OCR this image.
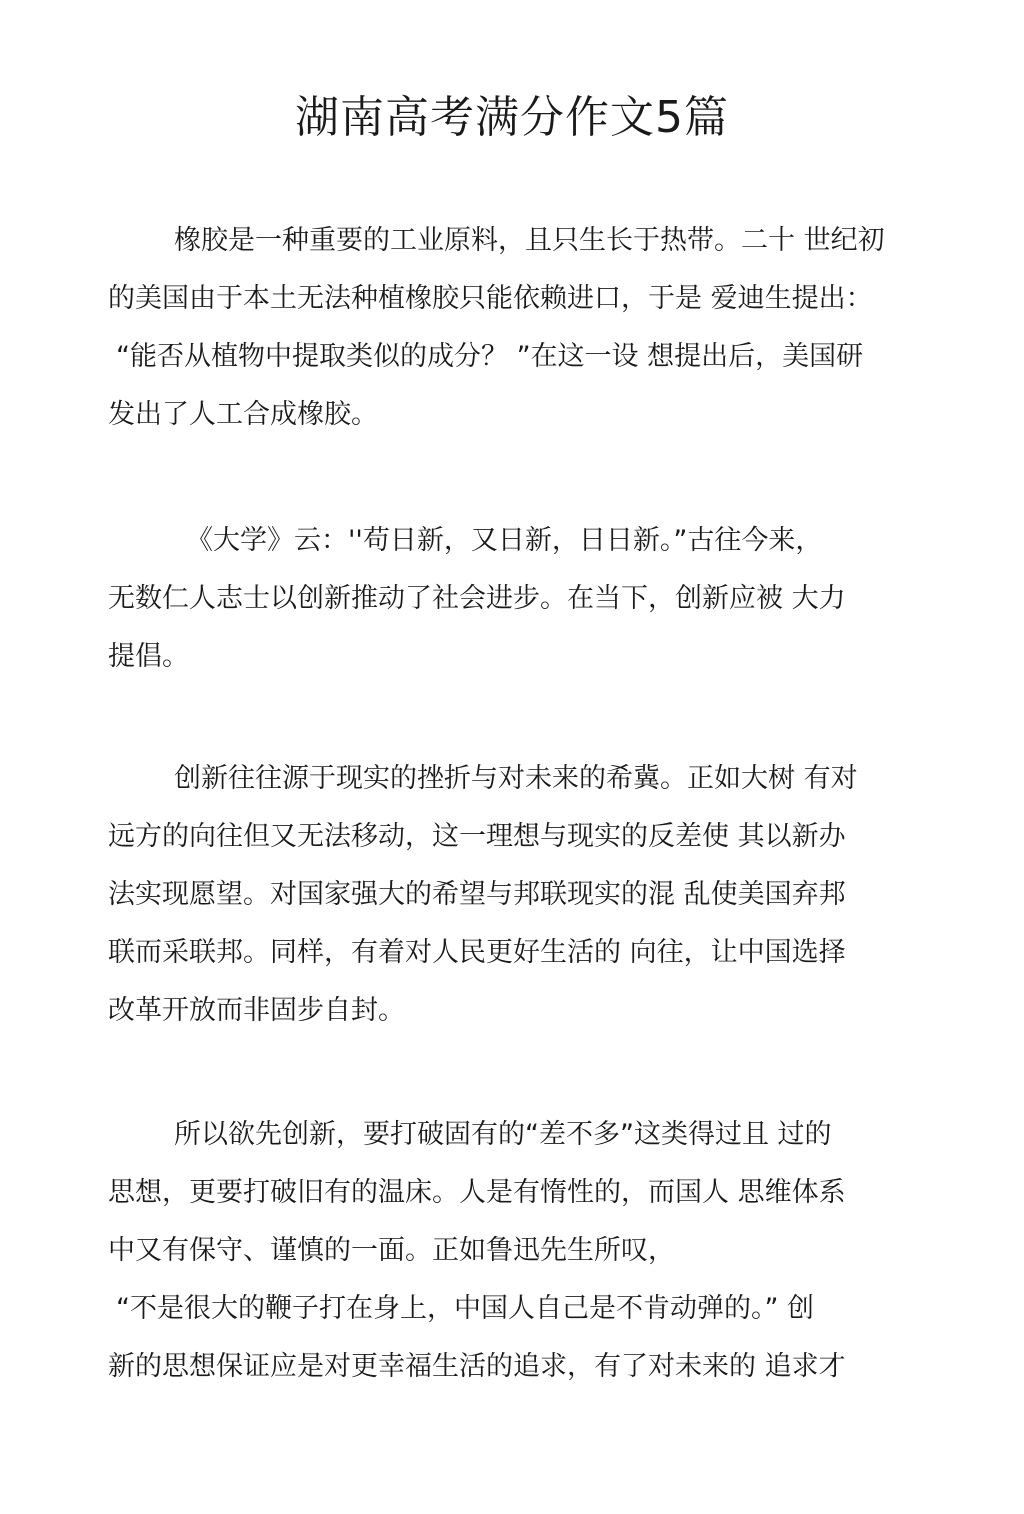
湖南高考满分作文5篇
橡胶是一种重要的工业原料，且只生长于热带。二十 世纪初
的美国由于本土无法种植橡胶只能依赖进口，于是 爱迪生提出：
“能否从植物中提取类似的成分？ ”在这一设 想提出后，美国研
发出了人工合成橡胶。
《大学》云：''苟日新，又日新，日日新。”古往今来，
无数仁人志士以创新推动了社会进步。在当下，创新应被 大力
提倡。
创新往往源于现实的挫折与对未来的希冀。正如大树 有对
远方的向往但又无法移动，这一理想与现实的反差使 其以新办
法实现愿望。对国家强大的希望与邦联现实的混 乱使美国弃邦
联而采联邦。同样，有着对人民更好生活的 向往，让中国选择
改革开放而非固步自封。
所以欲先创新，要打破固有的“差不多”这类得过且 过的
思想，更要打破旧有的温床。人是有惰性的，而国人 思维体系
中又有保守、谨慎的一面。正如鲁迅先生所叹，
“不是很大的鞭子打在身上，中国人自己是不肯动弹的。” 创
新的思想保证应是对更幸福生活的追求，有了对未来的 追求才
